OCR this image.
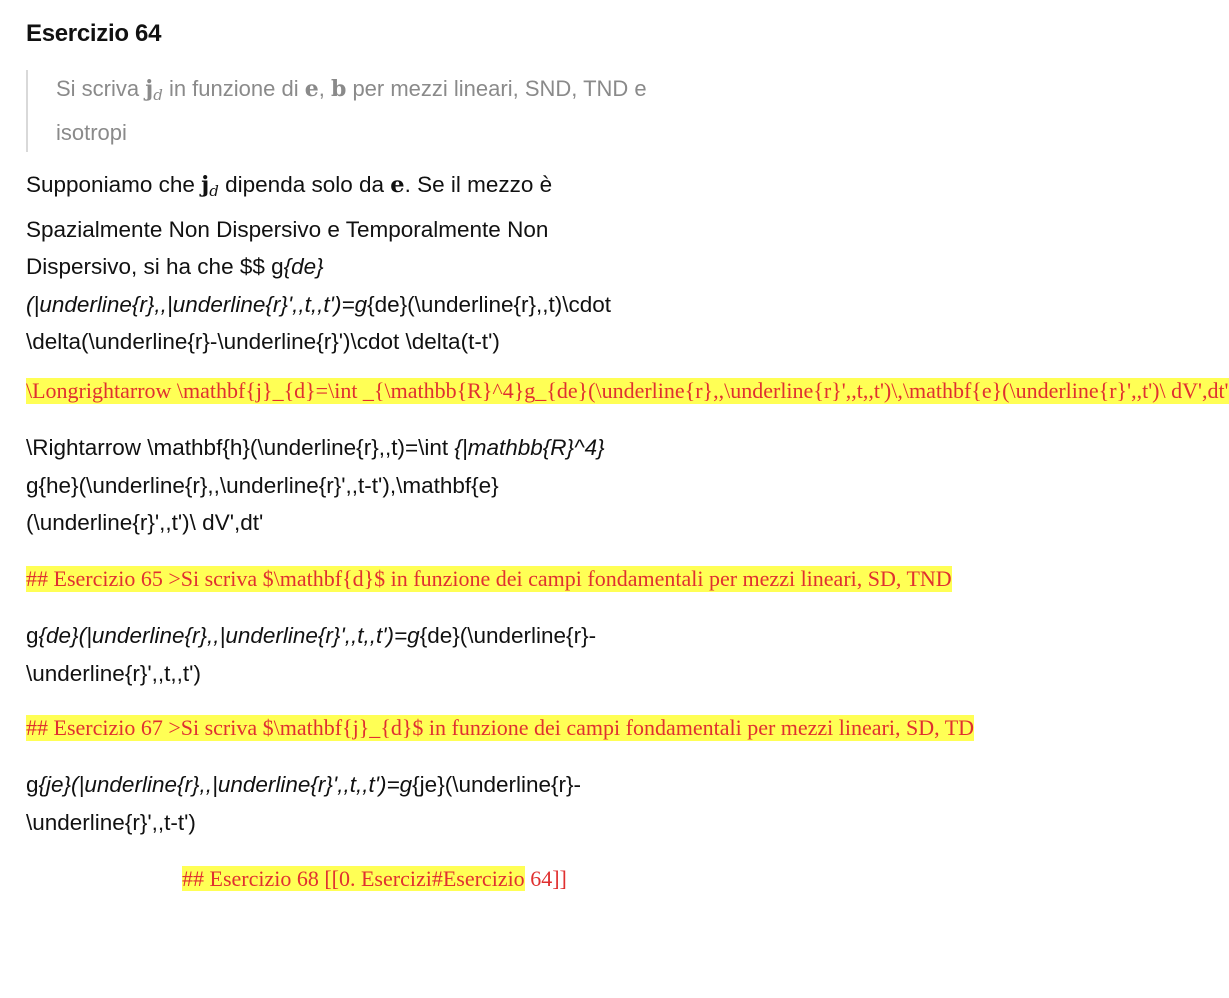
Esercizio 64
Si scriva $j_d$ in funzione di e, b per mezzi lineari, SND, TND e
isotropi
Supponiamo che jd dipenda solo da e. Se il mezzo è
Spazialmente Non Dispersivo e Temporalmente Non
Dispersivo, si ha che $$ g{de}
(|underline{r},,|underline{r}',,t,,t')=g{de}(\underline{r},,t)\cdot
\delta(\underline{r}-\underline{r}')\cdot \delta(t-t')
\Longrightarrow \mathbf{j}_{d}=\int _{\mathbb{R}^4}g_{de}(\underline{r},,\underline{r}',,t,,t')\,\mathbf{e}(\underline{r}',,t')\ dV',dt'
\Rightarrow \mathbf{h}(\underline{r},,t)=\int {|mathbb{R}^4}
g{he}(\underline{r},,\underline{r}',,t-t'),\mathbf{e}
(\underline{r}',,t')\ dV',dt'
## Esercizio 65 >Si scriva $\mathbf{d}$ in funzione dei campi fondamentali per mezzi lineari, SD, TND
g{de}(|underline{r},,|underline{r}',,t,,t')=g{de}(\underline{r}-
\underline{r}',,t,,t')
## Esercizio 67 >Si scriva $\mathbf{j}_{d}$ in funzione dei campi fondamentali per mezzi lineari, SD, TD
g{je}(|underline{r},,|underline{r}',,t,,t')=g{je}(\underline{r}-
\underline{r}',,t-t')
## Esercizio 68 [[0. Esercizi#Esercizio 64]]
